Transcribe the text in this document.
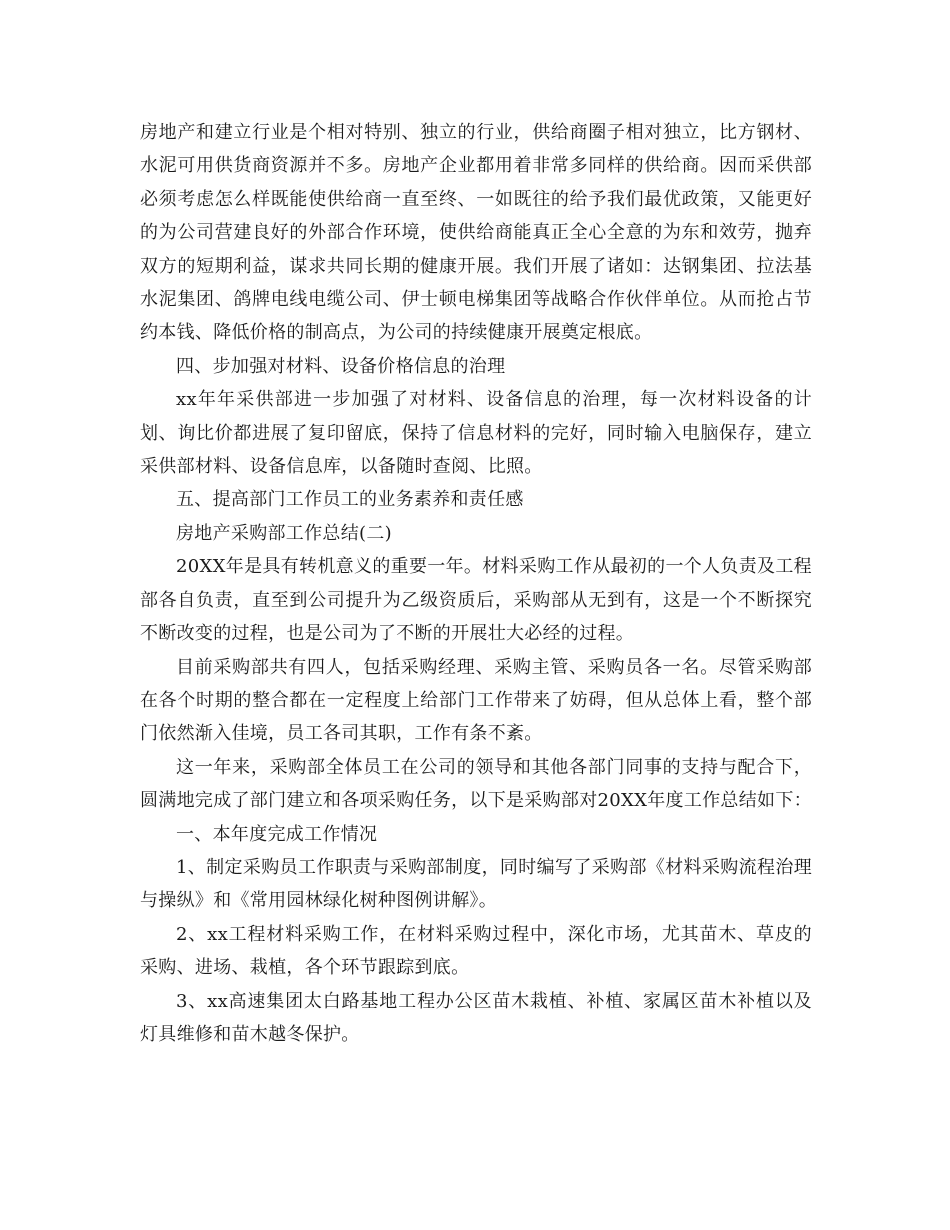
房地产和建立行业是个相对特别、独立的行业，供给商圈子相对独立，比方钢材、水泥可用供货商资源并不多。房地产企业都用着非常多同样的供给商。因而采供部必须考虑怎么样既能使供给商一直至终、一如既往的给予我们最优政策，又能更好的为公司营建良好的外部合作环境，使供给商能真正全心全意的为东和效劳，抛弃双方的短期利益，谋求共同长期的健康开展。我们开展了诸如：达钢集团、拉法基水泥集团、鸽牌电线电缆公司、伊士顿电梯集团等战略合作伙伴单位。从而抢占节约本钱、降低价格的制高点，为公司的持续健康开展奠定根底。

四、步加强对材料、设备价格信息的治理

xx年年采供部进一步加强了对材料、设备信息的治理，每一次材料设备的计划、询比价都进展了复印留底，保持了信息材料的完好，同时输入电脑保存，建立采供部材料、设备信息库，以备随时查阅、比照。

五、提高部门工作员工的业务素养和责任感

房地产采购部工作总结(二)

20XX年是具有转机意义的重要一年。材料采购工作从最初的一个人负责及工程部各自负责，直至到公司提升为乙级资质后，采购部从无到有，这是一个不断探究不断改变的过程，也是公司为了不断的开展壮大必经的过程。

目前采购部共有四人，包括采购经理、采购主管、采购员各一名。尽管采购部在各个时期的整合都在一定程度上给部门工作带来了妨碍，但从总体上看，整个部门依然渐入佳境，员工各司其职，工作有条不紊。

这一年来，采购部全体员工在公司的领导和其他各部门同事的支持与配合下，圆满地完成了部门建立和各项采购任务，以下是采购部对20XX年度工作总结如下：

一、本年度完成工作情况

1、制定采购员工作职责与采购部制度，同时编写了采购部《材料采购流程治理与操纵》和《常用园林绿化树种图例讲解》。

2、xx工程材料采购工作，在材料采购过程中，深化市场，尤其苗木、草皮的采购、进场、栽植，各个环节跟踪到底。

3、xx高速集团太白路基地工程办公区苗木栽植、补植、家属区苗木补植以及灯具维修和苗木越冬保护。
